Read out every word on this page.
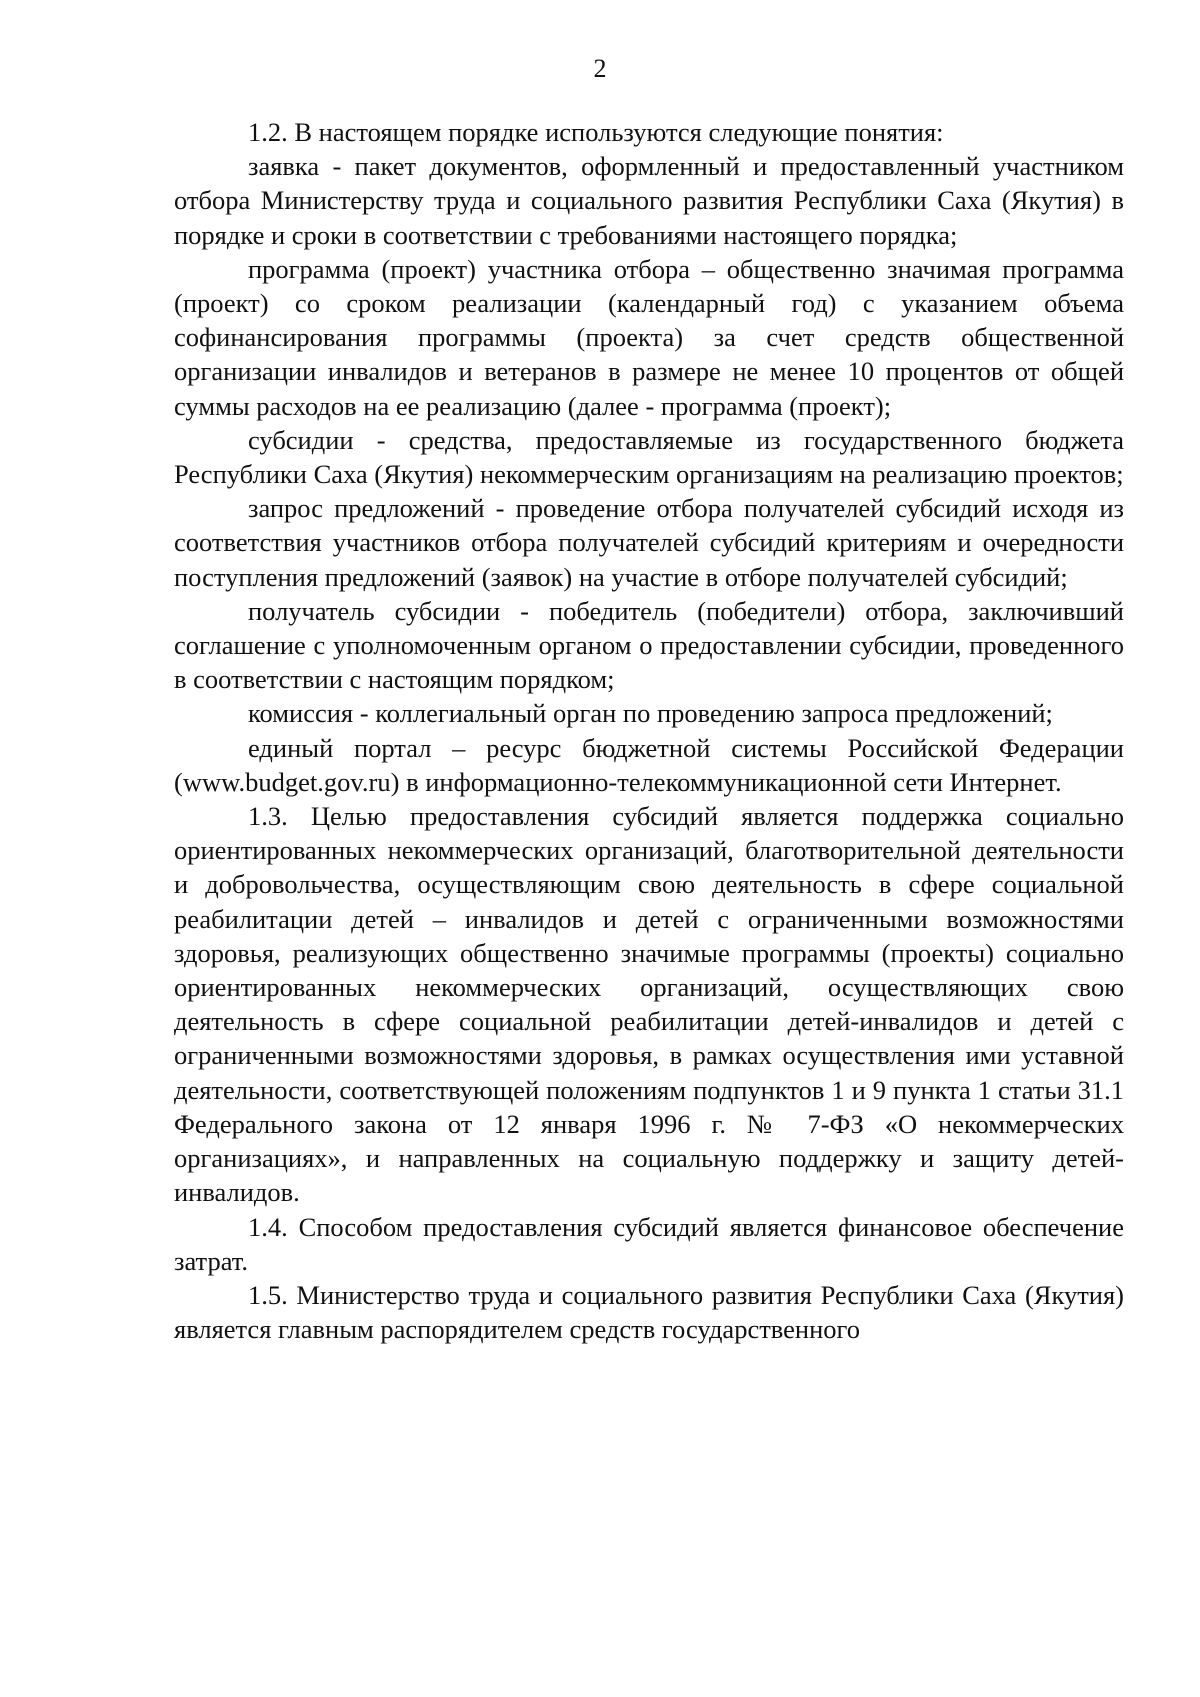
2

1.2. В настоящем порядке используются следующие понятия:

заявка - пакет документов, оформленный и предоставленный участником отбора Министерству труда и социального развития Республики Саха (Якутия) в порядке и сроки в соответствии с требованиями настоящего порядка;

программа (проект) участника отбора – общественно значимая программа (проект) со сроком реализации (календарный год) с указанием объема софинансирования программы (проекта) за счет средств общественной организации инвалидов и ветеранов в размере не менее 10 процентов от общей суммы расходов на ее реализацию (далее - программа (проект);

субсидии - средства, предоставляемые из государственного бюджета Республики Саха (Якутия) некоммерческим организациям на реализацию проектов;

запрос предложений - проведение отбора получателей субсидий исходя из соответствия участников отбора получателей субсидий критериям и очередности поступления предложений (заявок) на участие в отборе получателей субсидий;

получатель субсидии - победитель (победители) отбора, заключивший соглашение с уполномоченным органом о предоставлении субсидии, проведенного в соответствии с настоящим порядком;

комиссия - коллегиальный орган по проведению запроса предложений;

единый портал – ресурс бюджетной системы Российской Федерации (www.budget.gov.ru) в информационно-телекоммуникационной сети Интернет.

1.3. Целью предоставления субсидий является поддержка социально ориентированных некоммерческих организаций, благотворительной деятельности и добровольчества, осуществляющим свою деятельность в сфере социальной реабилитации детей – инвалидов и детей с ограниченными возможностями здоровья, реализующих общественно значимые программы (проекты) социально ориентированных некоммерческих организаций, осуществляющих свою деятельность в сфере социальной реабилитации детей-инвалидов и детей с ограниченными возможностями здоровья, в рамках осуществления ими уставной деятельности, соответствующей положениям подпунктов 1 и 9 пункта 1 статьи 31.1 Федерального закона от 12 января 1996 г. № 7-ФЗ «О некоммерческих организациях», и направленных на социальную поддержку и защиту детей-инвалидов.

1.4. Способом предоставления субсидий является финансовое обеспечение затрат.

1.5. Министерство труда и социального развития Республики Саха (Якутия) является главным распорядителем средств государственного
